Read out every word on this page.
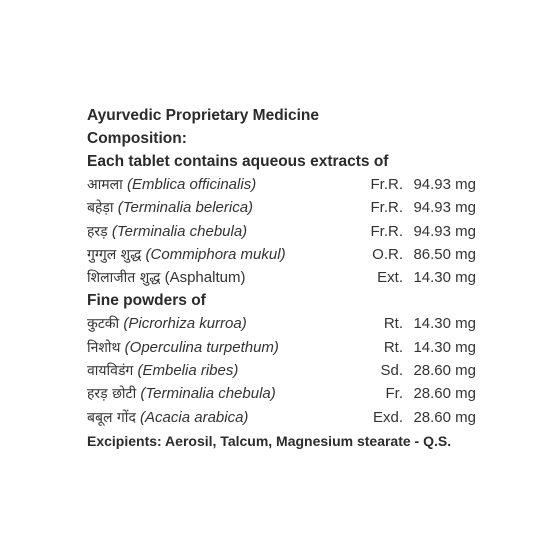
Ayurvedic Proprietary Medicine
Composition:
Each tablet contains aqueous extracts of
आमला (Emblica officinalis)	Fr.R. 94.93 mg
बहेड़ा (Terminalia belerica)	Fr.R. 94.93 mg
हरड़ (Terminalia chebula)	Fr.R. 94.93 mg
गुग्गुल शुद्ध (Commiphora mukul)	O.R. 86.50 mg
शिलाजीत शुद्ध (Asphaltum)	Ext. 14.30 mg
Fine powders of
कुटकी (Picrorhiza kurroa)	Rt. 14.30 mg
निशोथ (Operculina turpethum)	Rt. 14.30 mg
वायविडंग (Embelia ribes)	Sd. 28.60 mg
हरड़ छोटी (Terminalia chebula)	Fr. 28.60 mg
बबूल गोंद (Acacia arabica)	Exd. 28.60 mg
Excipients: Aerosil, Talcum, Magnesium stearate - Q.S.
